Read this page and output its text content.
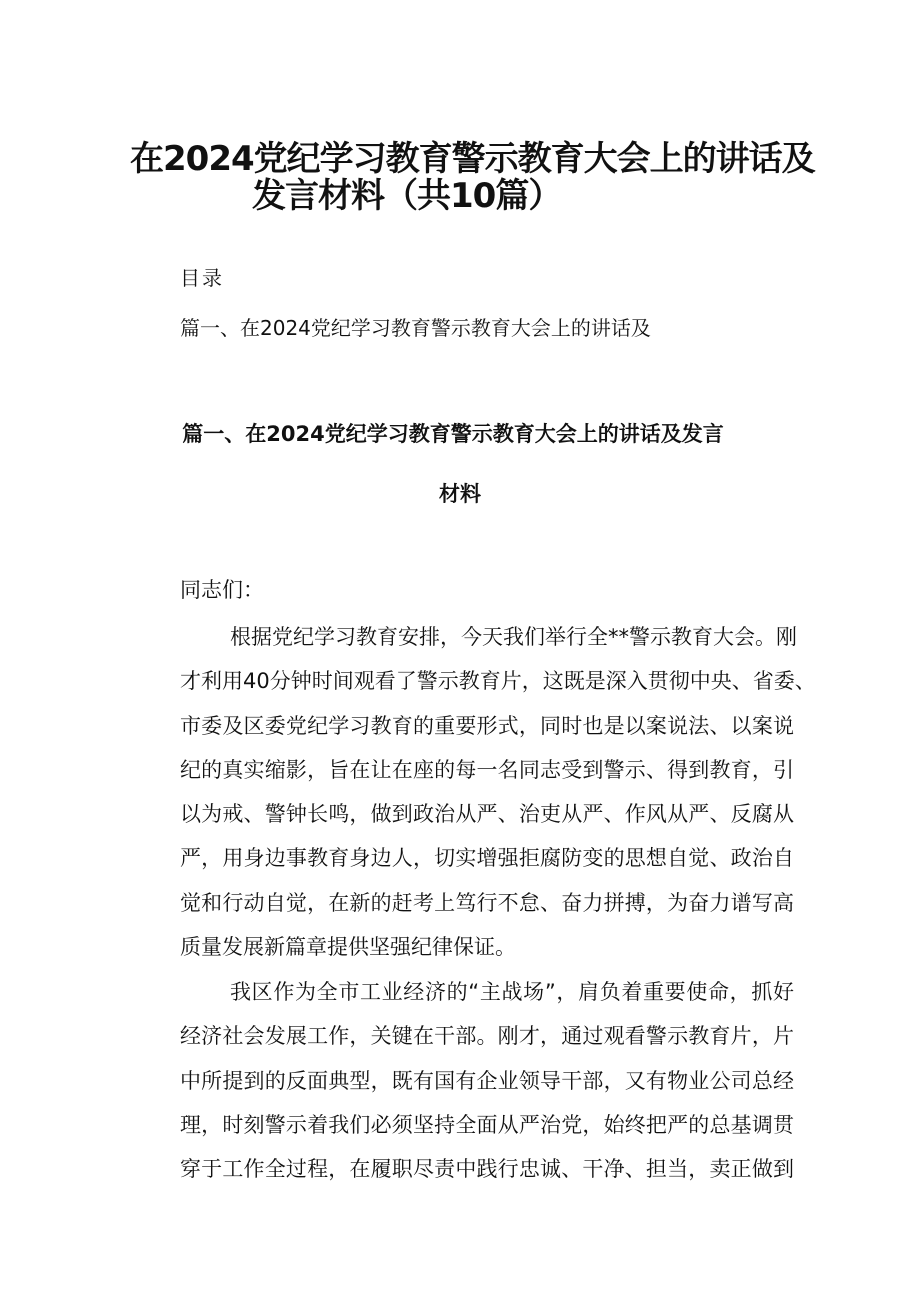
在2024党纪学习教育警示教育大会上的讲话及
发言材料（共10篇）
目录
篇一、在2024党纪学习教育警示教育大会上的讲话及
篇一、在2024党纪学习教育警示教育大会上的讲话及发言
材料
同志们：
根据党纪学习教育安排，今天我们举行全**警示教育大会。刚
才利用40分钟时间观看了警示教育片，这既是深入贯彻中央、省委、
市委及区委党纪学习教育的重要形式，同时也是以案说法、以案说
纪的真实缩影，旨在让在座的每一名同志受到警示、得到教育，引
以为戒、警钟长鸣，做到政治从严、治吏从严、作风从严、反腐从
严，用身边事教育身边人，切实增强拒腐防变的思想自觉、政治自
觉和行动自觉，在新的赶考上笃行不怠、奋力拼搏，为奋力谱写高
质量发展新篇章提供坚强纪律保证。
我区作为全市工业经济的“主战场”，肩负着重要使命，抓好
经济社会发展工作，关键在干部。刚才，通过观看警示教育片，片
中所提到的反面典型，既有国有企业领导干部，又有物业公司总经
理，时刻警示着我们必须坚持全面从严治党，始终把严的总基调贯
穿于工作全过程，在履职尽责中践行忠诚、干净、担当，卖正做到
